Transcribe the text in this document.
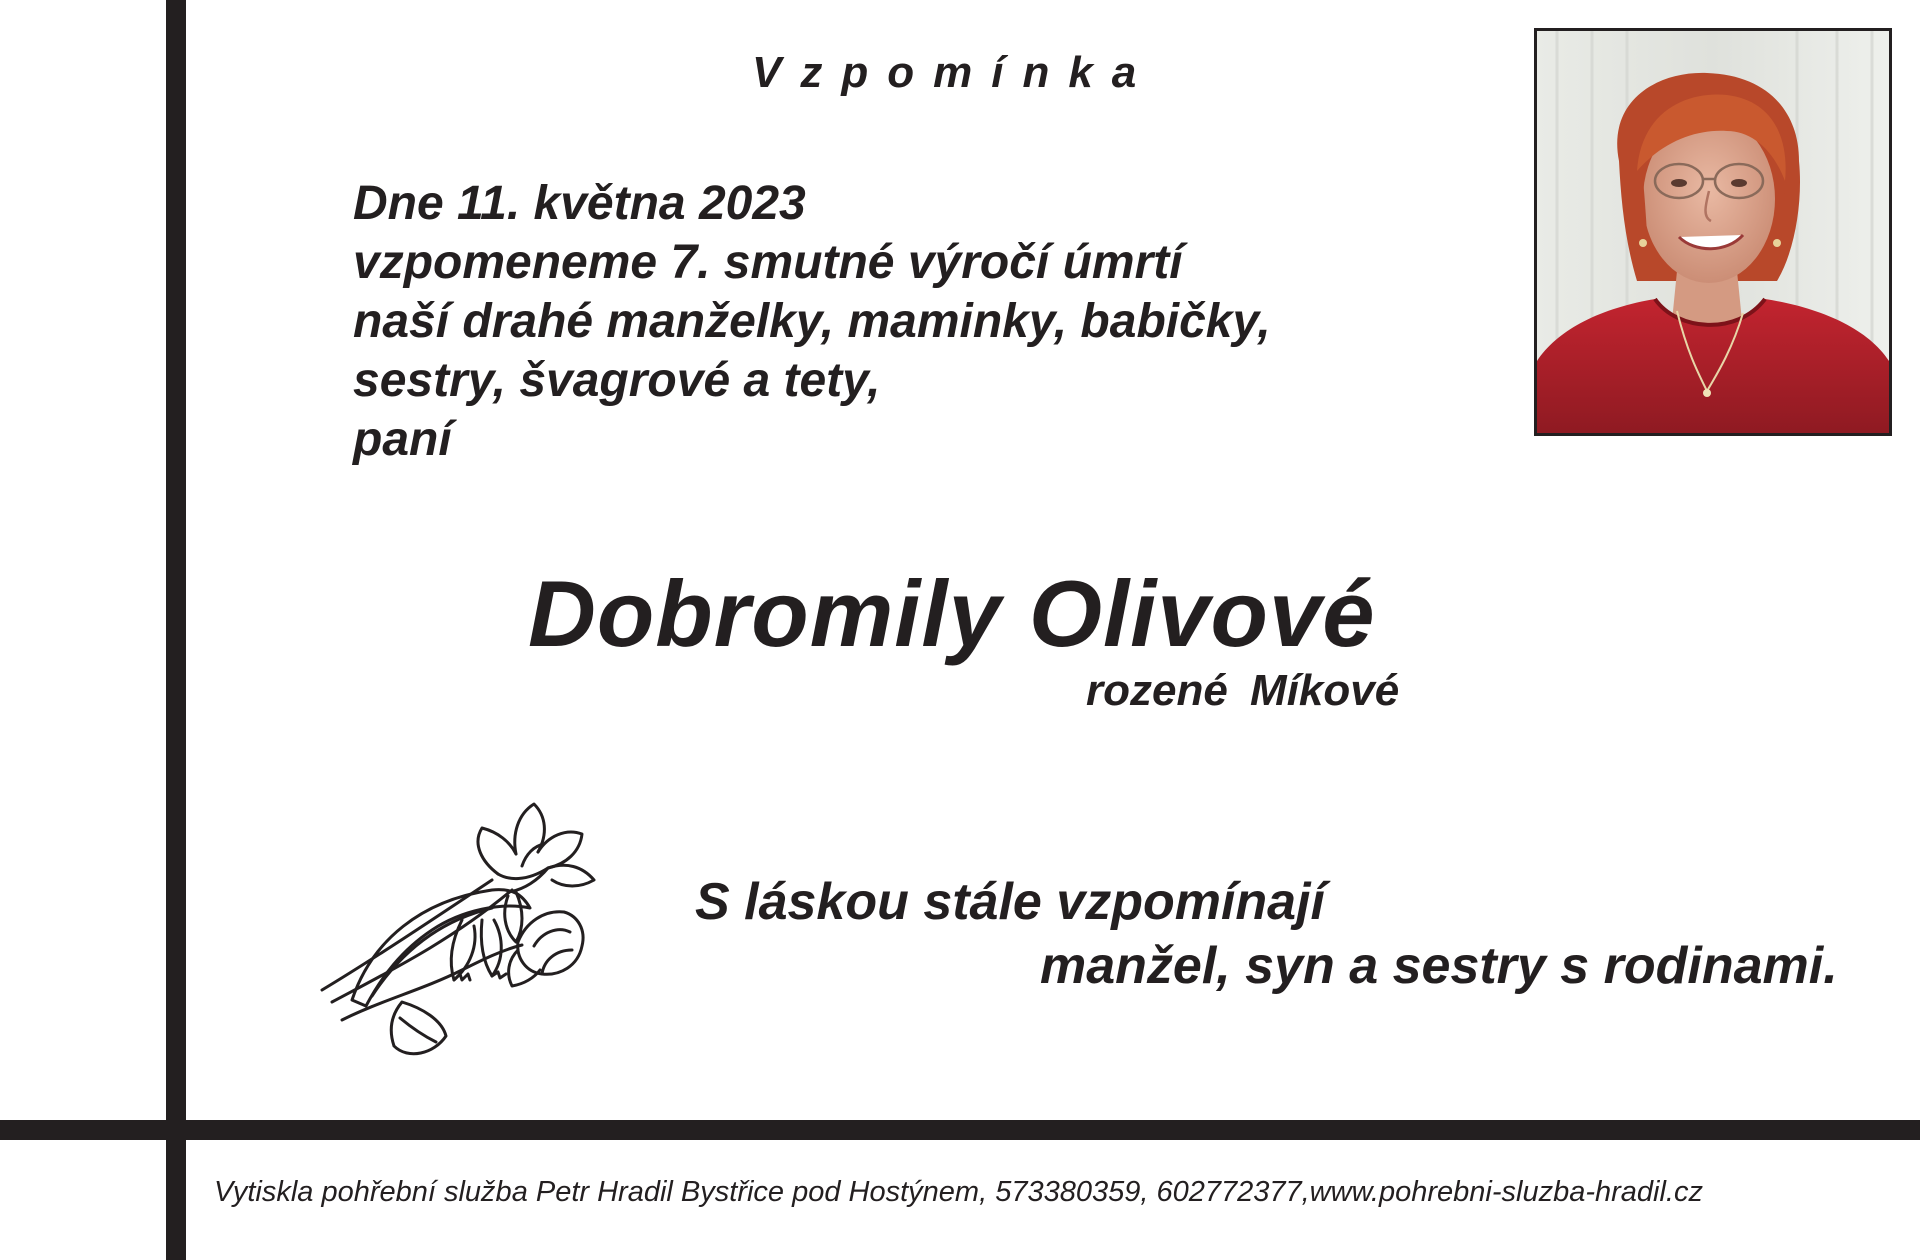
Vzpomínka
Dne 11. května 2023
vzpomeneme 7. smutné výročí úmrtí
naší drahé manželky, maminky, babičky,
sestry, švagrové a tety,
paní
Dobromily Olivové
rozené Míkové
S láskou stále vzpomínají
manžel, syn a sestry s rodinami.
Vytiskla pohřební služba Petr Hradil Bystřice pod Hostýnem, 573380359, 602772377,www.pohrebni-sluzba-hradil.cz
